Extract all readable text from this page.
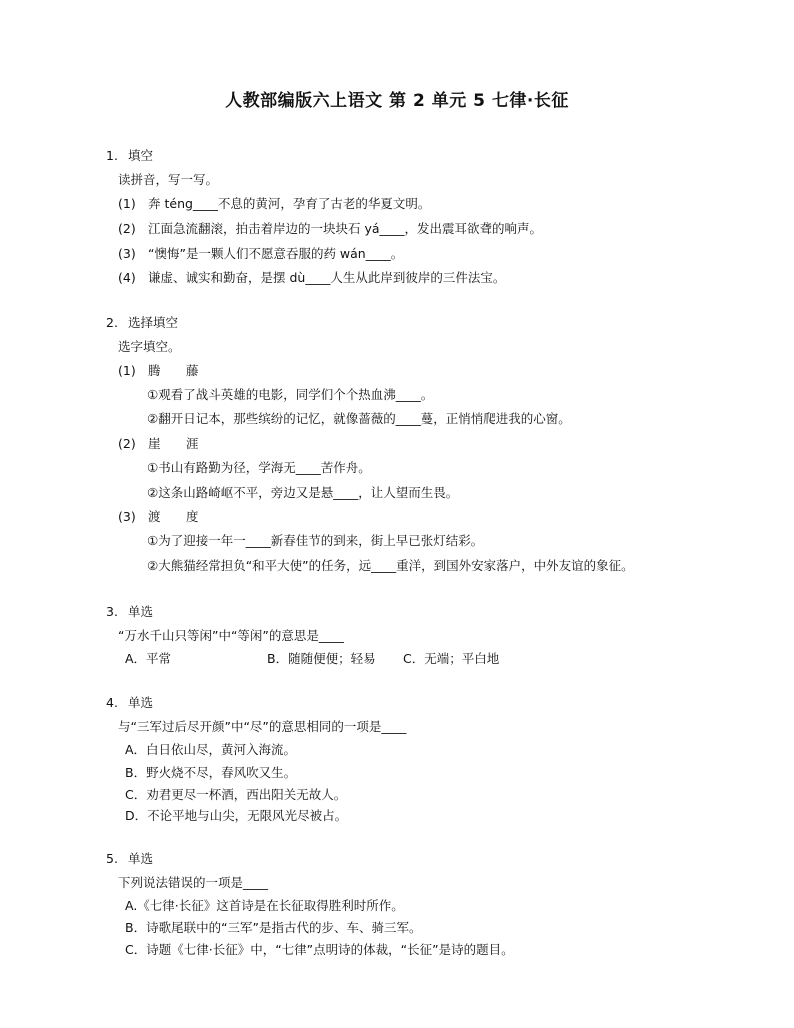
人教部编版六上语文 第 2 单元 5 七律·长征
1. 填空
读拼音，写一写。
(1) 奔 téng____不息的黄河，孕育了古老的华夏文明。
(2) 江面急流翻滚，拍击着岸边的一块块石 yá____，发出震耳欲聋的响声。
(3) “懊悔”是一颗人们不愿意吞服的药 wán____。
(4) 谦虚、诚实和勤奋，是摆 dù____人生从此岸到彼岸的三件法宝。
2. 选择填空
选字填空。
(1) 腾 藤
①观看了战斗英雄的电影，同学们个个热血沸____。
②翻开日记本，那些缤纷的记忆，就像蔷薇的____蔓，正悄悄爬进我的心窗。
(2) 崖 涯
①书山有路勤为径，学海无____苦作舟。
②这条山路崎岖不平，旁边又是悬____，让人望而生畏。
(3) 渡 度
①为了迎接一年一____新春佳节的到来，街上早已张灯结彩。
②大熊猫经常担负“和平大使”的任务，远____重洋，到国外安家落户，中外友谊的象征。
3. 单选
“万水千山只等闲”中“等闲”的意思是____
A．平常	B．随随便便；轻易 C．无端；平白地
4. 单选
与“三军过后尽开颜”中“尽”的意思相同的一项是____
A．白日依山尽，黄河入海流。
B．野火烧不尽，春风吹又生。
C．劝君更尽一杯酒，西出阳关无故人。
D．不论平地与山尖，无限风光尽被占。
5. 单选
下列说法错误的一项是____
A.《七律·长征》这首诗是在长征取得胜利时所作。
B．诗歌尾联中的“三军”是指古代的步、车、骑三军。
C．诗题《七律·长征》中，“七律”点明诗的体裁，“长征”是诗的题目。
